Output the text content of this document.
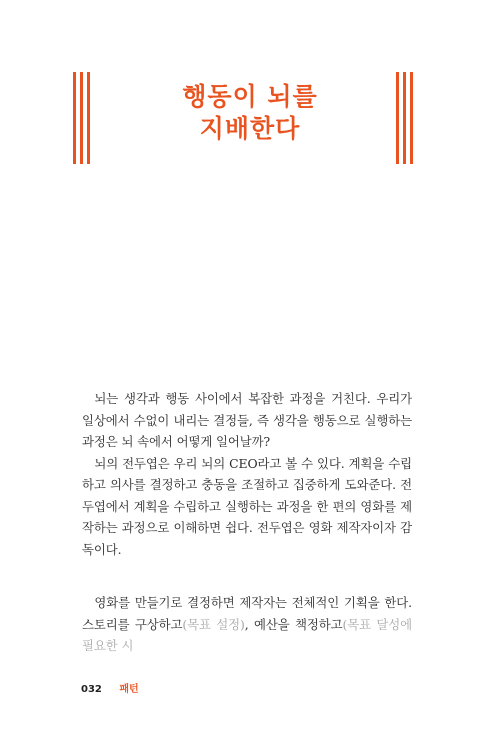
행동이 뇌를
지배한다

뇌는 생각과 행동 사이에서 복잡한 과정을 거친다. 우리가 일상에서 수없이 내리는 결정들, 즉 생각을 행동으로 실행하는 과정은 뇌 속에서 어떻게 일어날까?

뇌의 전두엽은 우리 뇌의 CEO라고 볼 수 있다. 계획을 수립하고 의사를 결정하고 충동을 조절하고 집중하게 도와준다. 전두엽에서 계획을 수립하고 실행하는 과정을 한 편의 영화를 제작하는 과정으로 이해하면 쉽다. 전두엽은 영화 제작자이자 감독이다.

영화를 만들기로 결정하면 제작자는 전체적인 기획을 한다. 스토리를 구상하고(목표 설정), 예산을 책정하고(목표 달성에 필요한 시

032 패턴
